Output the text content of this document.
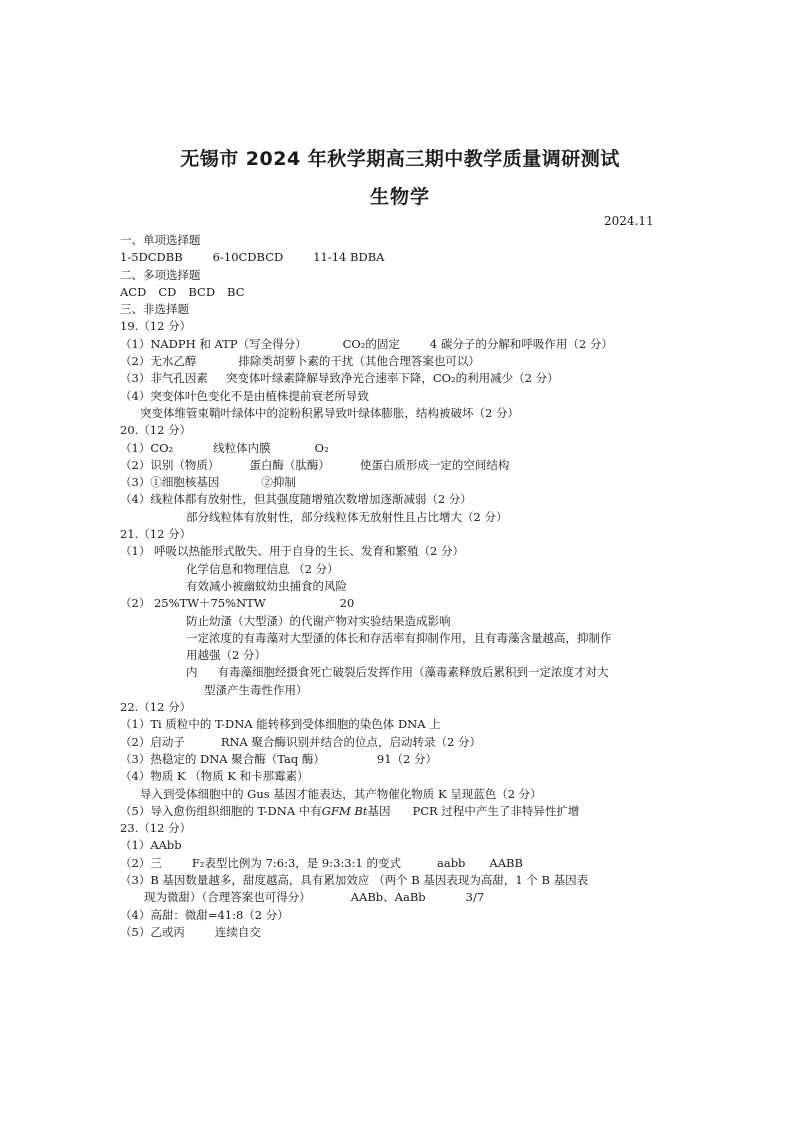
无锡市 2024 年秋学期高三期中教学质量调研测试
生物学
2024.11
一、单项选择题
1-5DCDBB	6-10CDBCD	11-14 BDBA
二、多项选择题
ACD CD BCD BC
三、非选择题
19.（12 分）
（1）NADPH 和 ATP（写全得分）	CO₂的固定	4 碳分子的分解和呼吸作用（2 分）
（2）无水乙醇	排除类胡萝卜素的干扰（其他合理答案也可以）
（3）非气孔因素 突变体叶绿素降解导致净光合速率下降，CO₂的利用减少（2 分）
（4）突变体叶色变化不是由植株提前衰老所导致
突变体维管束鞘叶绿体中的淀粉积累导致叶绿体膨胀，结构被破坏（2 分）
20.（12 分）
（1）CO₂	线粒体内膜	O₂
（2）识别（物质）	蛋白酶（肽酶）	使蛋白质形成一定的空间结构
（3）①细胞核基因	②抑制
（4）线粒体都有放射性，但其强度随增殖次数增加逐渐减弱（2 分）
部分线粒体有放射性，部分线粒体无放射性且占比增大（2 分）
21.（12 分）
（1） 呼吸以热能形式散失、用于自身的生长、发育和繁殖（2 分）
化学信息和物理信息 （2 分）
有效减小被幽蚊幼虫捕食的风险
（2） 25%TW＋75%NTW	20
防止幼溞（大型溞）的代谢产物对实验结果造成影响
一定浓度的有毒藻对大型溞的体长和存活率有抑制作用，且有毒藻含量越高，抑制作
用越强（2 分）
内 有毒藻细胞经摄食死亡破裂后发挥作用（藻毒素释放后累积到一定浓度才对大
型溞产生毒性作用）
22.（12 分）
（1）Ti 质粒中的 T-DNA 能转移到受体细胞的染色体 DNA 上
（2）启动子	RNA 聚合酶识别并结合的位点，启动转录（2 分）
（3）热稳定的 DNA 聚合酶（Taq 酶）	91（2 分）
（4）物质 K （物质 K 和卡那霉素）
导入到受体细胞中的 Gus 基因才能表达，其产物催化物质 K 呈现蓝色（2 分）
（5）导入愈伤组织细胞的 T-DNA 中有GFM Bt基因 PCR 过程中产生了非特异性扩增
23.（12 分）
（1）AAbb
（2）三	F₂表型比例为 7:6:3，是 9:3:3:1 的变式	aabb AABB
（3）B 基因数量越多，甜度越高，具有累加效应 （两个 B 基因表现为高甜，1 个 B 基因表
现为微甜）（合理答案也可得分）	AABb、AaBb	3/7
（4）高甜：微甜=41:8（2 分）
（5）乙或丙	连续自交
